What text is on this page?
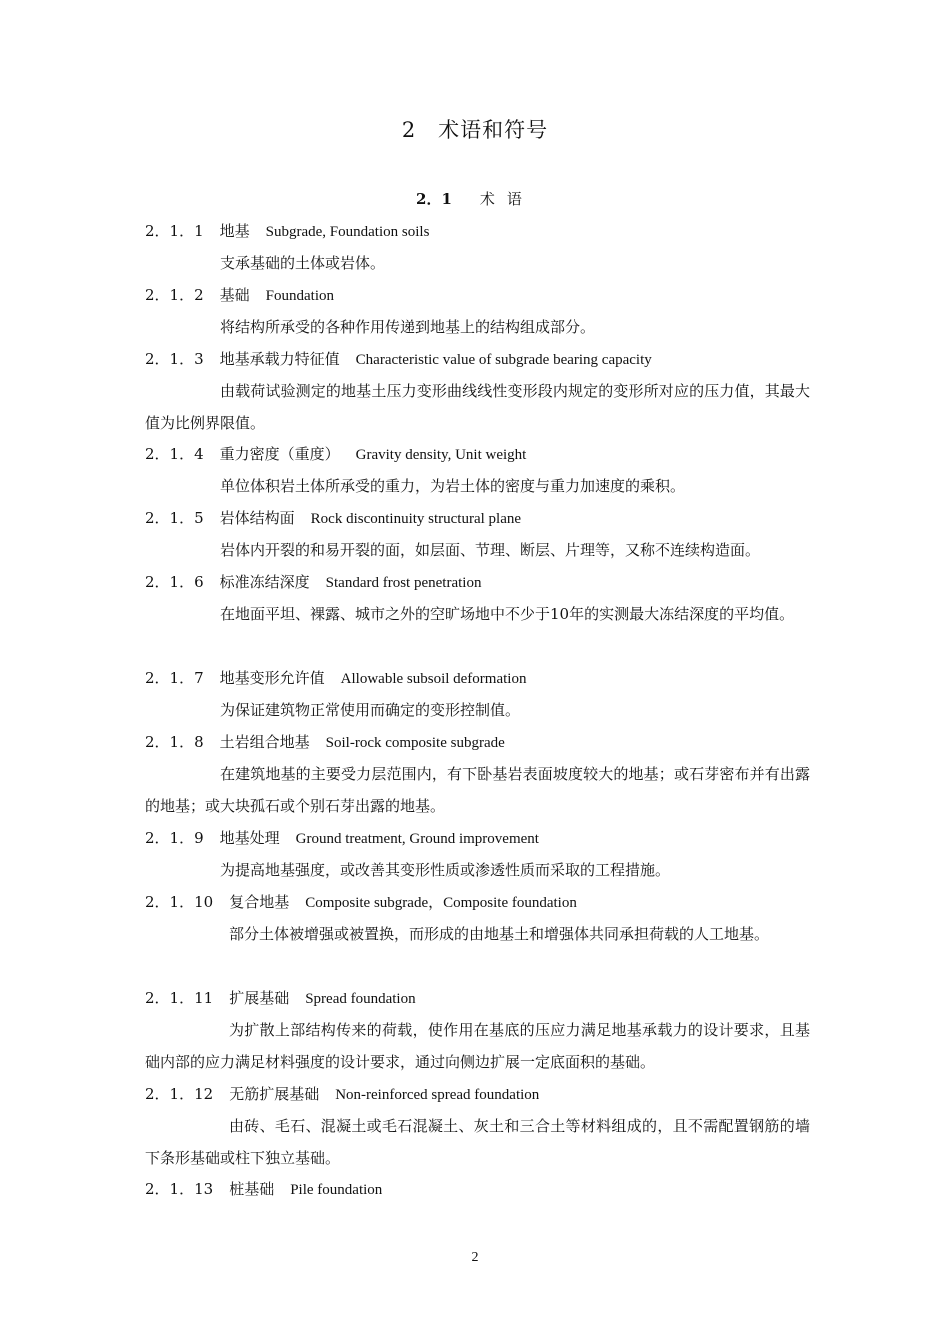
2　术语和符号
2．1 术语
2．1．1 地基 Subgrade, Foundation soils
支承基础的土体或岩体。
2．1．2 基础 Foundation
将结构所承受的各种作用传递到地基上的结构组成部分。
2．1．3 地基承载力特征值 Characteristic value of subgrade bearing capacity
由载荷试验测定的地基土压力变形曲线线性变形段内规定的变形所对应的压力值，其最大值为比例界限值。
2．1．4 重力密度（重度） Gravity density, Unit weight
单位体积岩土体所承受的重力，为岩土体的密度与重力加速度的乘积。
2．1．5 岩体结构面 Rock discontinuity structural plane
岩体内开裂的和易开裂的面，如层面、节理、断层、片理等，又称不连续构造面。
2．1．6 标准冻结深度 Standard frost penetration
在地面平坦、裸露、城市之外的空旷场地中不少于10年的实测最大冻结深度的平均值。
2．1．7 地基变形允许值 Allowable subsoil deformation
为保证建筑物正常使用而确定的变形控制值。
2．1．8 土岩组合地基 Soil-rock composite subgrade
在建筑地基的主要受力层范围内，有下卧基岩表面坡度较大的地基；或石芽密布并有出露的地基；或大块孤石或个别石芽出露的地基。
2．1．9 地基处理 Ground treatment, Ground improvement
为提高地基强度，或改善其变形性质或渗透性质而采取的工程措施。
2．1．10 复合地基 Composite subgrade，Composite foundation
部分土体被增强或被置换，而形成的由地基土和增强体共同承担荷载的人工地基。
2．1．11 扩展基础 Spread foundation
为扩散上部结构传来的荷载，使作用在基底的压应力满足地基承载力的设计要求，且基础内部的应力满足材料强度的设计要求，通过向侧边扩展一定底面积的基础。
2．1．12 无筋扩展基础 Non-reinforced spread foundation
由砖、毛石、混凝土或毛石混凝土、灰土和三合土等材料组成的，且不需配置钢筋的墙下条形基础或柱下独立基础。
2．1．13 桩基础 Pile foundation
2
